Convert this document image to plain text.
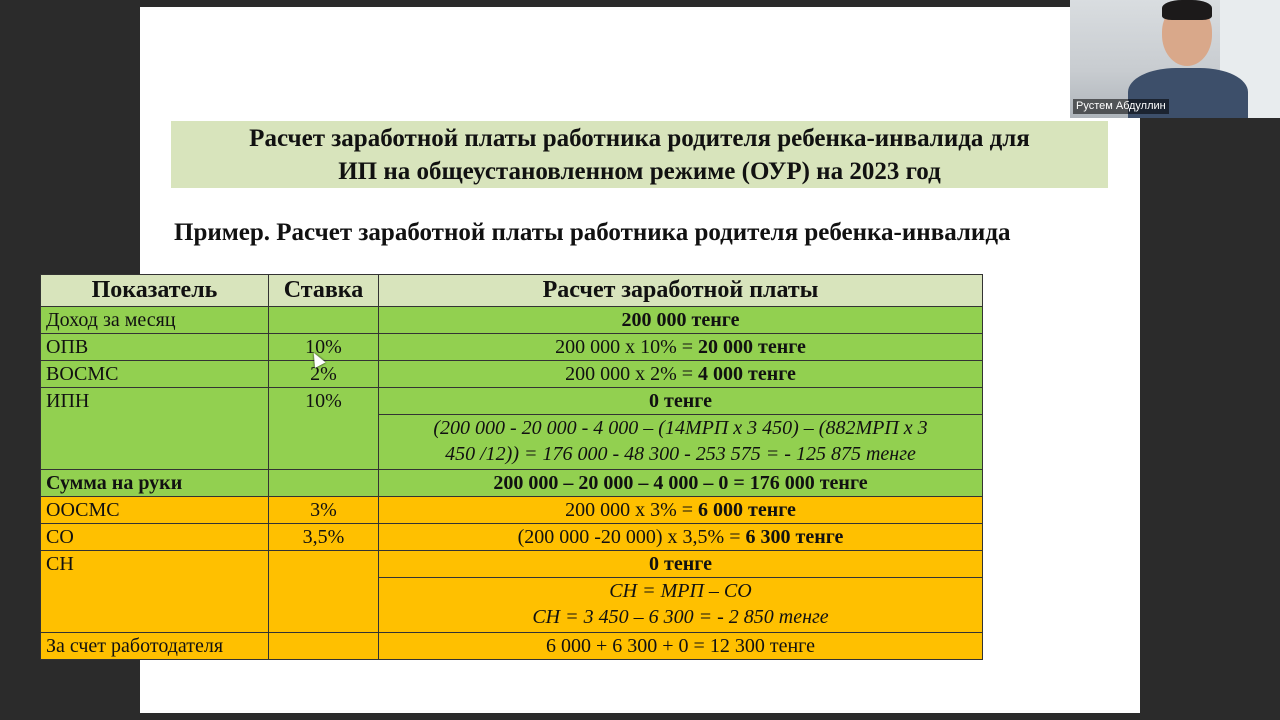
Расчет заработной платы работника родителя ребенка-инвалида для
ИП на общеустановленном режиме (ОУР) на 2023 год
Пример. Расчет заработной платы работника родителя ребенка-инвалида
Показатель	Ставка	Расчет заработной платы
Доход за месяц		200 000 тенге
ОПВ	10%	200 000 х 10% = 20 000 тенге
ВОСМС	2%	200 000 х 2% = 4 000 тенге
ИПН	10%	0 тенге

		(200 000 - 20 000 - 4 000 – (14МРП х 3 450) – (882МРП х 3
450 /12)) = 176 000 - 48 300 - 253 575 = - 125 875 тенге

Сумма на руки		200 000 – 20 000 – 4 000 – 0 = 176 000 тенге
ООСМС	3%	200 000 х 3% = 6 000 тенге
СО	3,5%	(200 000 -20 000) х 3,5% = 6 300 тенге
СН		0 тенге

		СН = МРП – СО
СН = 3 450 – 6 300 = - 2 850 тенге

За счет работодателя		6 000 + 6 300 + 0 = 12 300 тенге
Рустем Абдуллин
